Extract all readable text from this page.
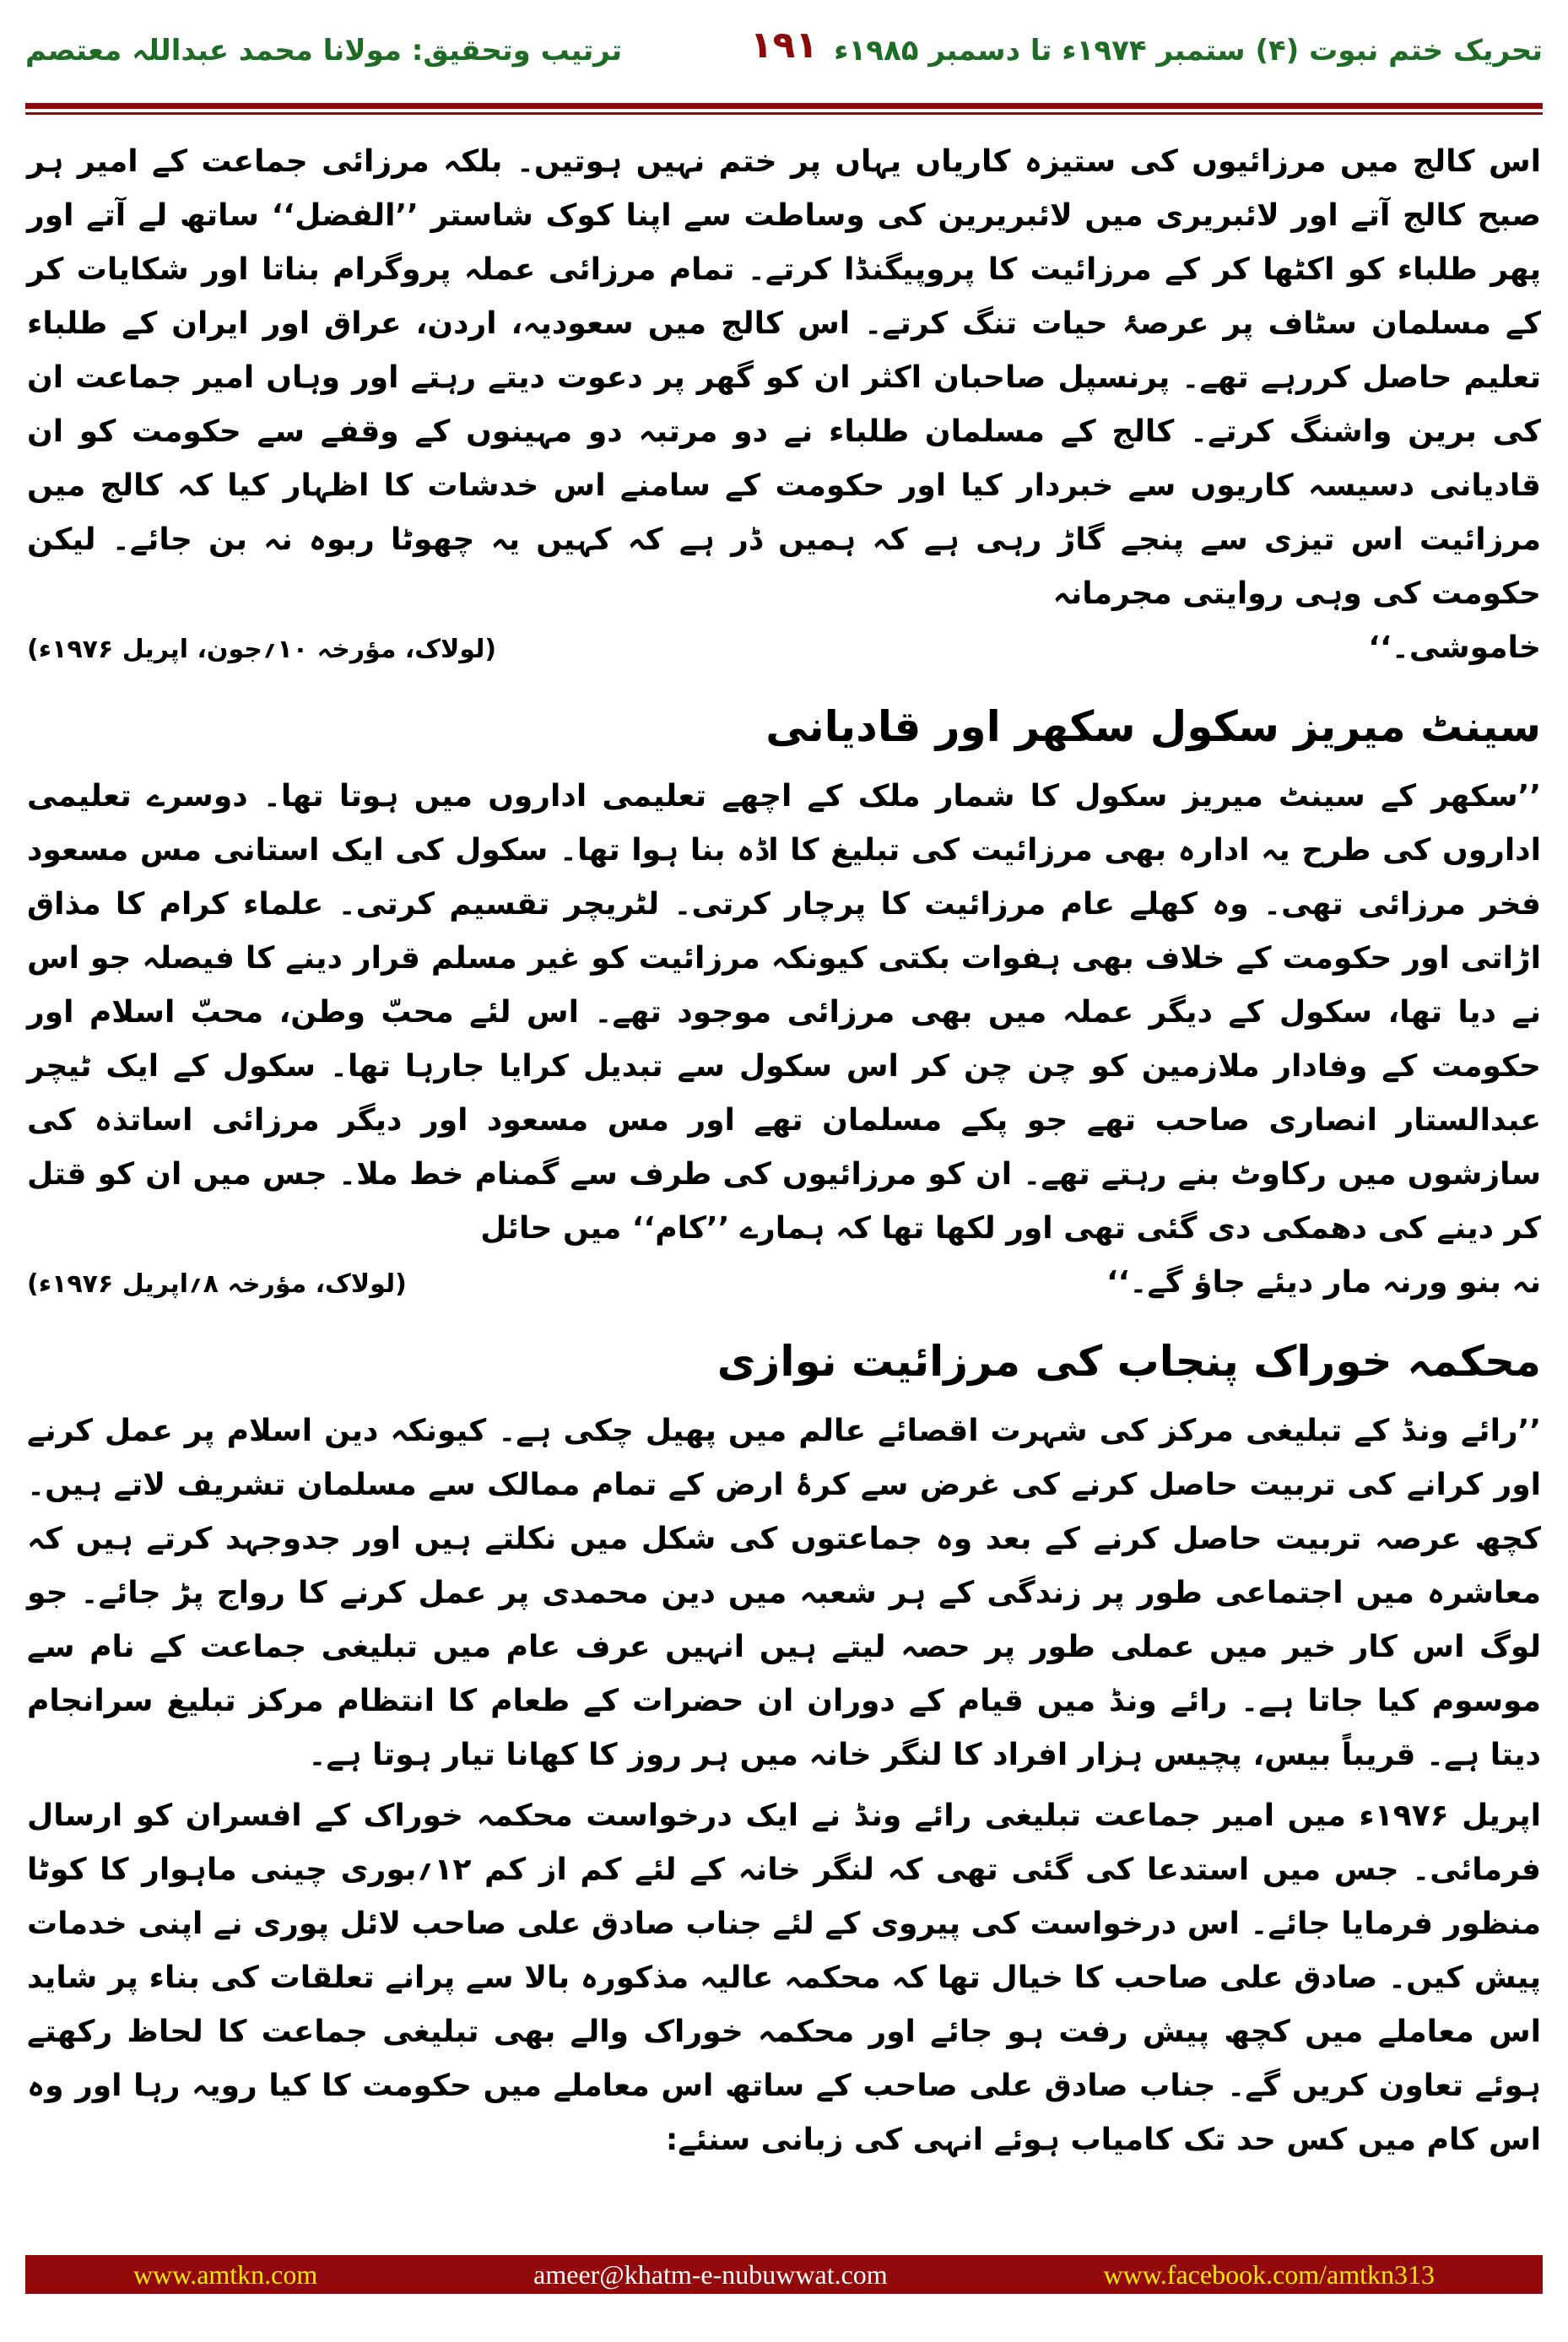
تحریک ختم نبوت (۴) ستمبر ۱۹۷۴ء تا دسمبر ۱۹۸۵ء
۱۹۱
ترتیب وتحقیق: مولانا محمد عبداللہ معتصم

اس کالج میں مرزائیوں کی ستیزہ کاریاں یہاں پر ختم نہیں ہوتیں۔ بلکہ مرزائی جماعت کے امیر ہر صبح کالج آتے اور لائبریری میں لائبریرین کی وساطت سے اپنا کوک شاستر ’’الفضل‘‘ ساتھ لے آتے اور پھر طلباء کو اکٹھا کر کے مرزائیت کا پروپیگنڈا کرتے۔ تمام مرزائی عملہ پروگرام بناتا اور شکایات کر کے مسلمان سٹاف پر عرصۂ حیات تنگ کرتے۔ اس کالج میں سعودیہ، اردن، عراق اور ایران کے طلباء تعلیم حاصل کررہے تھے۔ پرنسپل صاحبان اکثر ان کو گھر پر دعوت دیتے رہتے اور وہاں امیر جماعت ان کی برین واشنگ کرتے۔ کالج کے مسلمان طلباء نے دو مرتبہ دو مہینوں کے وقفے سے حکومت کو ان قادیانی دسیسہ کاریوں سے خبردار کیا اور حکومت کے سامنے اس خدشات کا اظہار کیا کہ کالج میں مرزائیت اس تیزی سے پنجے گاڑ رہی ہے کہ ہمیں ڈر ہے کہ کہیں یہ چھوٹا ربوہ نہ بن جائے۔ لیکن حکومت کی وہی روایتی مجرمانہ

خاموشی۔‘‘
(لولاک، مؤرخہ ۱۰؍جون، اپریل ۱۹۷۶ء)
سینٹ میریز سکول سکھر اور قادیانی

’’سکھر کے سینٹ میریز سکول کا شمار ملک کے اچھے تعلیمی اداروں میں ہوتا تھا۔ دوسرے تعلیمی اداروں کی طرح یہ ادارہ بھی مرزائیت کی تبلیغ کا اڈہ بنا ہوا تھا۔ سکول کی ایک استانی مس مسعود فخر مرزائی تھی۔ وہ کھلے عام مرزائیت کا پرچار کرتی۔ لٹریچر تقسیم کرتی۔ علماء کرام کا مذاق اڑاتی اور حکومت کے خلاف بھی ہفوات بکتی کیونکہ مرزائیت کو غیر مسلم قرار دینے کا فیصلہ جو اس نے دیا تھا، سکول کے دیگر عملہ میں بھی مرزائی موجود تھے۔ اس لئے محبّ وطن، محبّ اسلام اور حکومت کے وفادار ملازمین کو چن چن کر اس سکول سے تبدیل کرایا جارہا تھا۔ سکول کے ایک ٹیچر عبدالستار انصاری صاحب تھے جو پکے مسلمان تھے اور مس مسعود اور دیگر مرزائی اساتذہ کی سازشوں میں رکاوٹ بنے رہتے تھے۔ ان کو مرزائیوں کی طرف سے گمنام خط ملا۔ جس میں ان کو قتل کر دینے کی دھمکی دی گئی تھی اور لکھا تھا کہ ہمارے ’’کام‘‘ میں حائل

نہ بنو ورنہ مار دیئے جاؤ گے۔‘‘
(لولاک، مؤرخہ ۸؍اپریل ۱۹۷۶ء)
محکمہ خوراک پنجاب کی مرزائیت نوازی

’’رائے ونڈ کے تبلیغی مرکز کی شہرت اقصائے عالم میں پھیل چکی ہے۔ کیونکہ دین اسلام پر عمل کرنے اور کرانے کی تربیت حاصل کرنے کی غرض سے کرۂ ارض کے تمام ممالک سے مسلمان تشریف لاتے ہیں۔ کچھ عرصہ تربیت حاصل کرنے کے بعد وہ جماعتوں کی شکل میں نکلتے ہیں اور جدوجہد کرتے ہیں کہ معاشرہ میں اجتماعی طور پر زندگی کے ہر شعبہ میں دین محمدی پر عمل کرنے کا رواج پڑ جائے۔ جو لوگ اس کار خیر میں عملی طور پر حصہ لیتے ہیں انہیں عرف عام میں تبلیغی جماعت کے نام سے موسوم کیا جاتا ہے۔ رائے ونڈ میں قیام کے دوران ان حضرات کے طعام کا انتظام مرکز تبلیغ سرانجام دیتا ہے۔ قریباً بیس، پچیس ہزار افراد کا لنگر خانہ میں ہر روز کا کھانا تیار ہوتا ہے۔

اپریل ۱۹۷۶ء میں امیر جماعت تبلیغی رائے ونڈ نے ایک درخواست محکمہ خوراک کے افسران کو ارسال فرمائی۔ جس میں استدعا کی گئی تھی کہ لنگر خانہ کے لئے کم از کم ۱۲؍بوری چینی ماہوار کا کوٹا منظور فرمایا جائے۔ اس درخواست کی پیروی کے لئے جناب صادق علی صاحب لائل پوری نے اپنی خدمات پیش کیں۔ صادق علی صاحب کا خیال تھا کہ محکمہ عالیہ مذکورہ بالا سے پرانے تعلقات کی بناء پر شاید اس معاملے میں کچھ پیش رفت ہو جائے اور محکمہ خوراک والے بھی تبلیغی جماعت کا لحاظ رکھتے ہوئے تعاون کریں گے۔ جناب صادق علی صاحب کے ساتھ اس معاملے میں حکومت کا کیا رویہ رہا اور وہ اس کام میں کس حد تک کامیاب ہوئے انہی کی زبانی سنئے:

www.amtkn.com	ameer@khatm-e-nubuwwat.com	www.facebook.com/amtkn313
